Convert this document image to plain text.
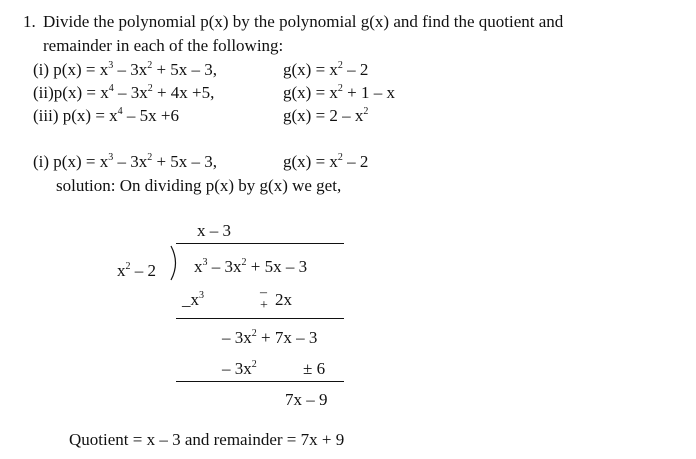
1. Divide the polynomial p(x) by the polynomial g(x) and find the quotient and
remainder in each of the following:
(i) $p(x) = x^3 - 3x^2 + 5x - 3$,	$g(x) = x^2 - 2$
$(ii)p(x) = x^4 - 3x^2 + 4x +5$,	$g(x) = x^2 + 1 - x$
(iii) $p(x) = x^4 - 5x +6$	$g(x) = 2 - x^2$
(i) $p(x) = x^3 - 3x^2 + 5x - 3$,	$g(x) = x^2 - 2$
solution: On dividing p(x) by g(x) we get,
x – 3
$x^2 - 2$ $x^3 - 3x^2 + 5x - 3$
$\_x^3$	–
+ 2x
– $3x^2 + 7x - 3$
– $3x^2$	± 6
7x – 9
Quotient = x – 3 and remainder = 7x + 9
